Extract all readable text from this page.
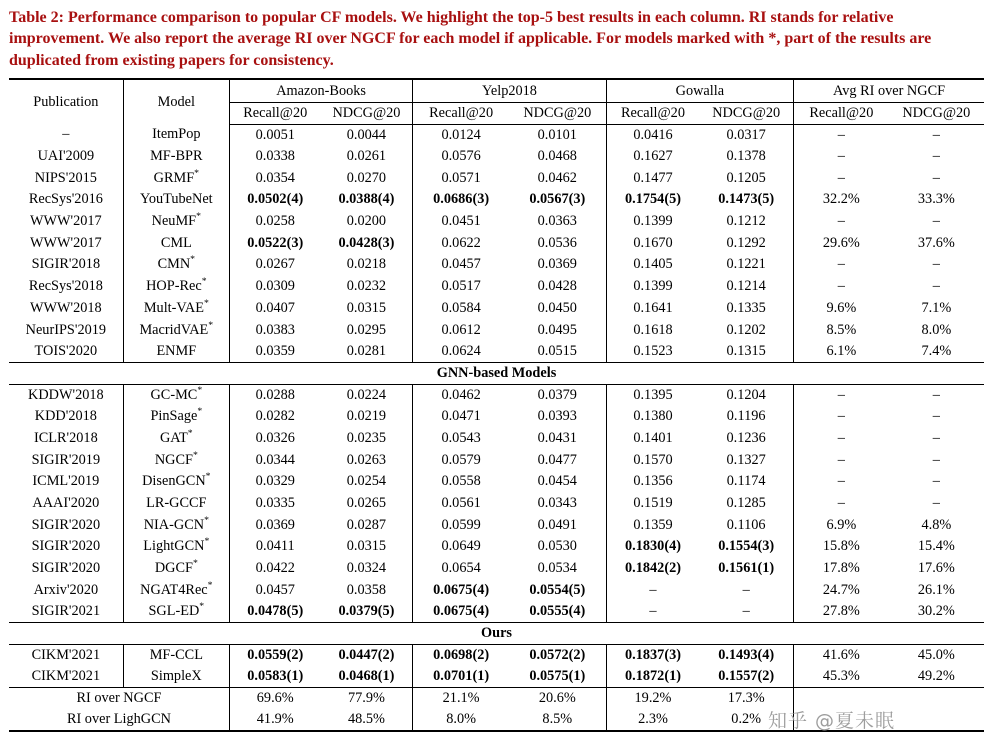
Table 2: Performance comparison to popular CF models. We highlight the top-5 best results in each column. RI stands for relative improvement. We also report the average RI over NGCF for each model if applicable. For models marked with *, part of the results are duplicated from existing papers for consistency.
Publication	Model	Amazon-Books		Yelp2018		Gowalla		Avg RI over NGCF	
		Recall@20	NDCG@20	Recall@20	NDCG@20	Recall@20	NDCG@20	Recall@20	NDCG@20
–	ItemPop	0.0051	0.0044	0.0124	0.0101	0.0416	0.0317	–	–
UAI'2009	MF-BPR	0.0338	0.0261	0.0576	0.0468	0.1627	0.1378	–	–
NIPS'2015	GRMF*	0.0354	0.0270	0.0571	0.0462	0.1477	0.1205	–	–
RecSys'2016	YouTubeNet	0.0502(4)	0.0388(4)	0.0686(3)	0.0567(3)	0.1754(5)	0.1473(5)	32.2%	33.3%
WWW'2017	NeuMF*	0.0258	0.0200	0.0451	0.0363	0.1399	0.1212	–	–
WWW'2017	CML	0.0522(3)	0.0428(3)	0.0622	0.0536	0.1670	0.1292	29.6%	37.6%
SIGIR'2018	CMN*	0.0267	0.0218	0.0457	0.0369	0.1405	0.1221	–	–
RecSys'2018	HOP-Rec*	0.0309	0.0232	0.0517	0.0428	0.1399	0.1214	–	–
WWW'2018	Mult-VAE*	0.0407	0.0315	0.0584	0.0450	0.1641	0.1335	9.6%	7.1%
NeurIPS'2019	MacridVAE*	0.0383	0.0295	0.0612	0.0495	0.1618	0.1202	8.5%	8.0%
TOIS'2020	ENMF	0.0359	0.0281	0.0624	0.0515	0.1523	0.1315	6.1%	7.4%
GNN-based Models									
KDDW'2018	GC-MC*	0.0288	0.0224	0.0462	0.0379	0.1395	0.1204	–	–
KDD'2018	PinSage*	0.0282	0.0219	0.0471	0.0393	0.1380	0.1196	–	–
ICLR'2018	GAT*	0.0326	0.0235	0.0543	0.0431	0.1401	0.1236	–	–
SIGIR'2019	NGCF*	0.0344	0.0263	0.0579	0.0477	0.1570	0.1327	–	–
ICML'2019	DisenGCN*	0.0329	0.0254	0.0558	0.0454	0.1356	0.1174	–	–
AAAI'2020	LR-GCCF	0.0335	0.0265	0.0561	0.0343	0.1519	0.1285	–	–
SIGIR'2020	NIA-GCN*	0.0369	0.0287	0.0599	0.0491	0.1359	0.1106	6.9%	4.8%
SIGIR'2020	LightGCN*	0.0411	0.0315	0.0649	0.0530	0.1830(4)	0.1554(3)	15.8%	15.4%
SIGIR'2020	DGCF*	0.0422	0.0324	0.0654	0.0534	0.1842(2)	0.1561(1)	17.8%	17.6%
Arxiv'2020	NGAT4Rec*	0.0457	0.0358	0.0675(4)	0.0554(5)	–	–	24.7%	26.1%
SIGIR'2021	SGL-ED*	0.0478(5)	0.0379(5)	0.0675(4)	0.0555(4)	–	–	27.8%	30.2%
Ours									
CIKM'2021	MF-CCL	0.0559(2)	0.0447(2)	0.0698(2)	0.0572(2)	0.1837(3)	0.1493(4)	41.6%	45.0%
CIKM'2021	SimpleX	0.0583(1)	0.0468(1)	0.0701(1)	0.0575(1)	0.1872(1)	0.1557(2)	45.3%	49.2%
RI over NGCF		69.6%	77.9%	21.1%	20.6%	19.2%	17.3%		
RI over LighGCN		41.9%	48.5%	8.0%	8.5%	2.3%	0.2%		知乎 @夏未眠
